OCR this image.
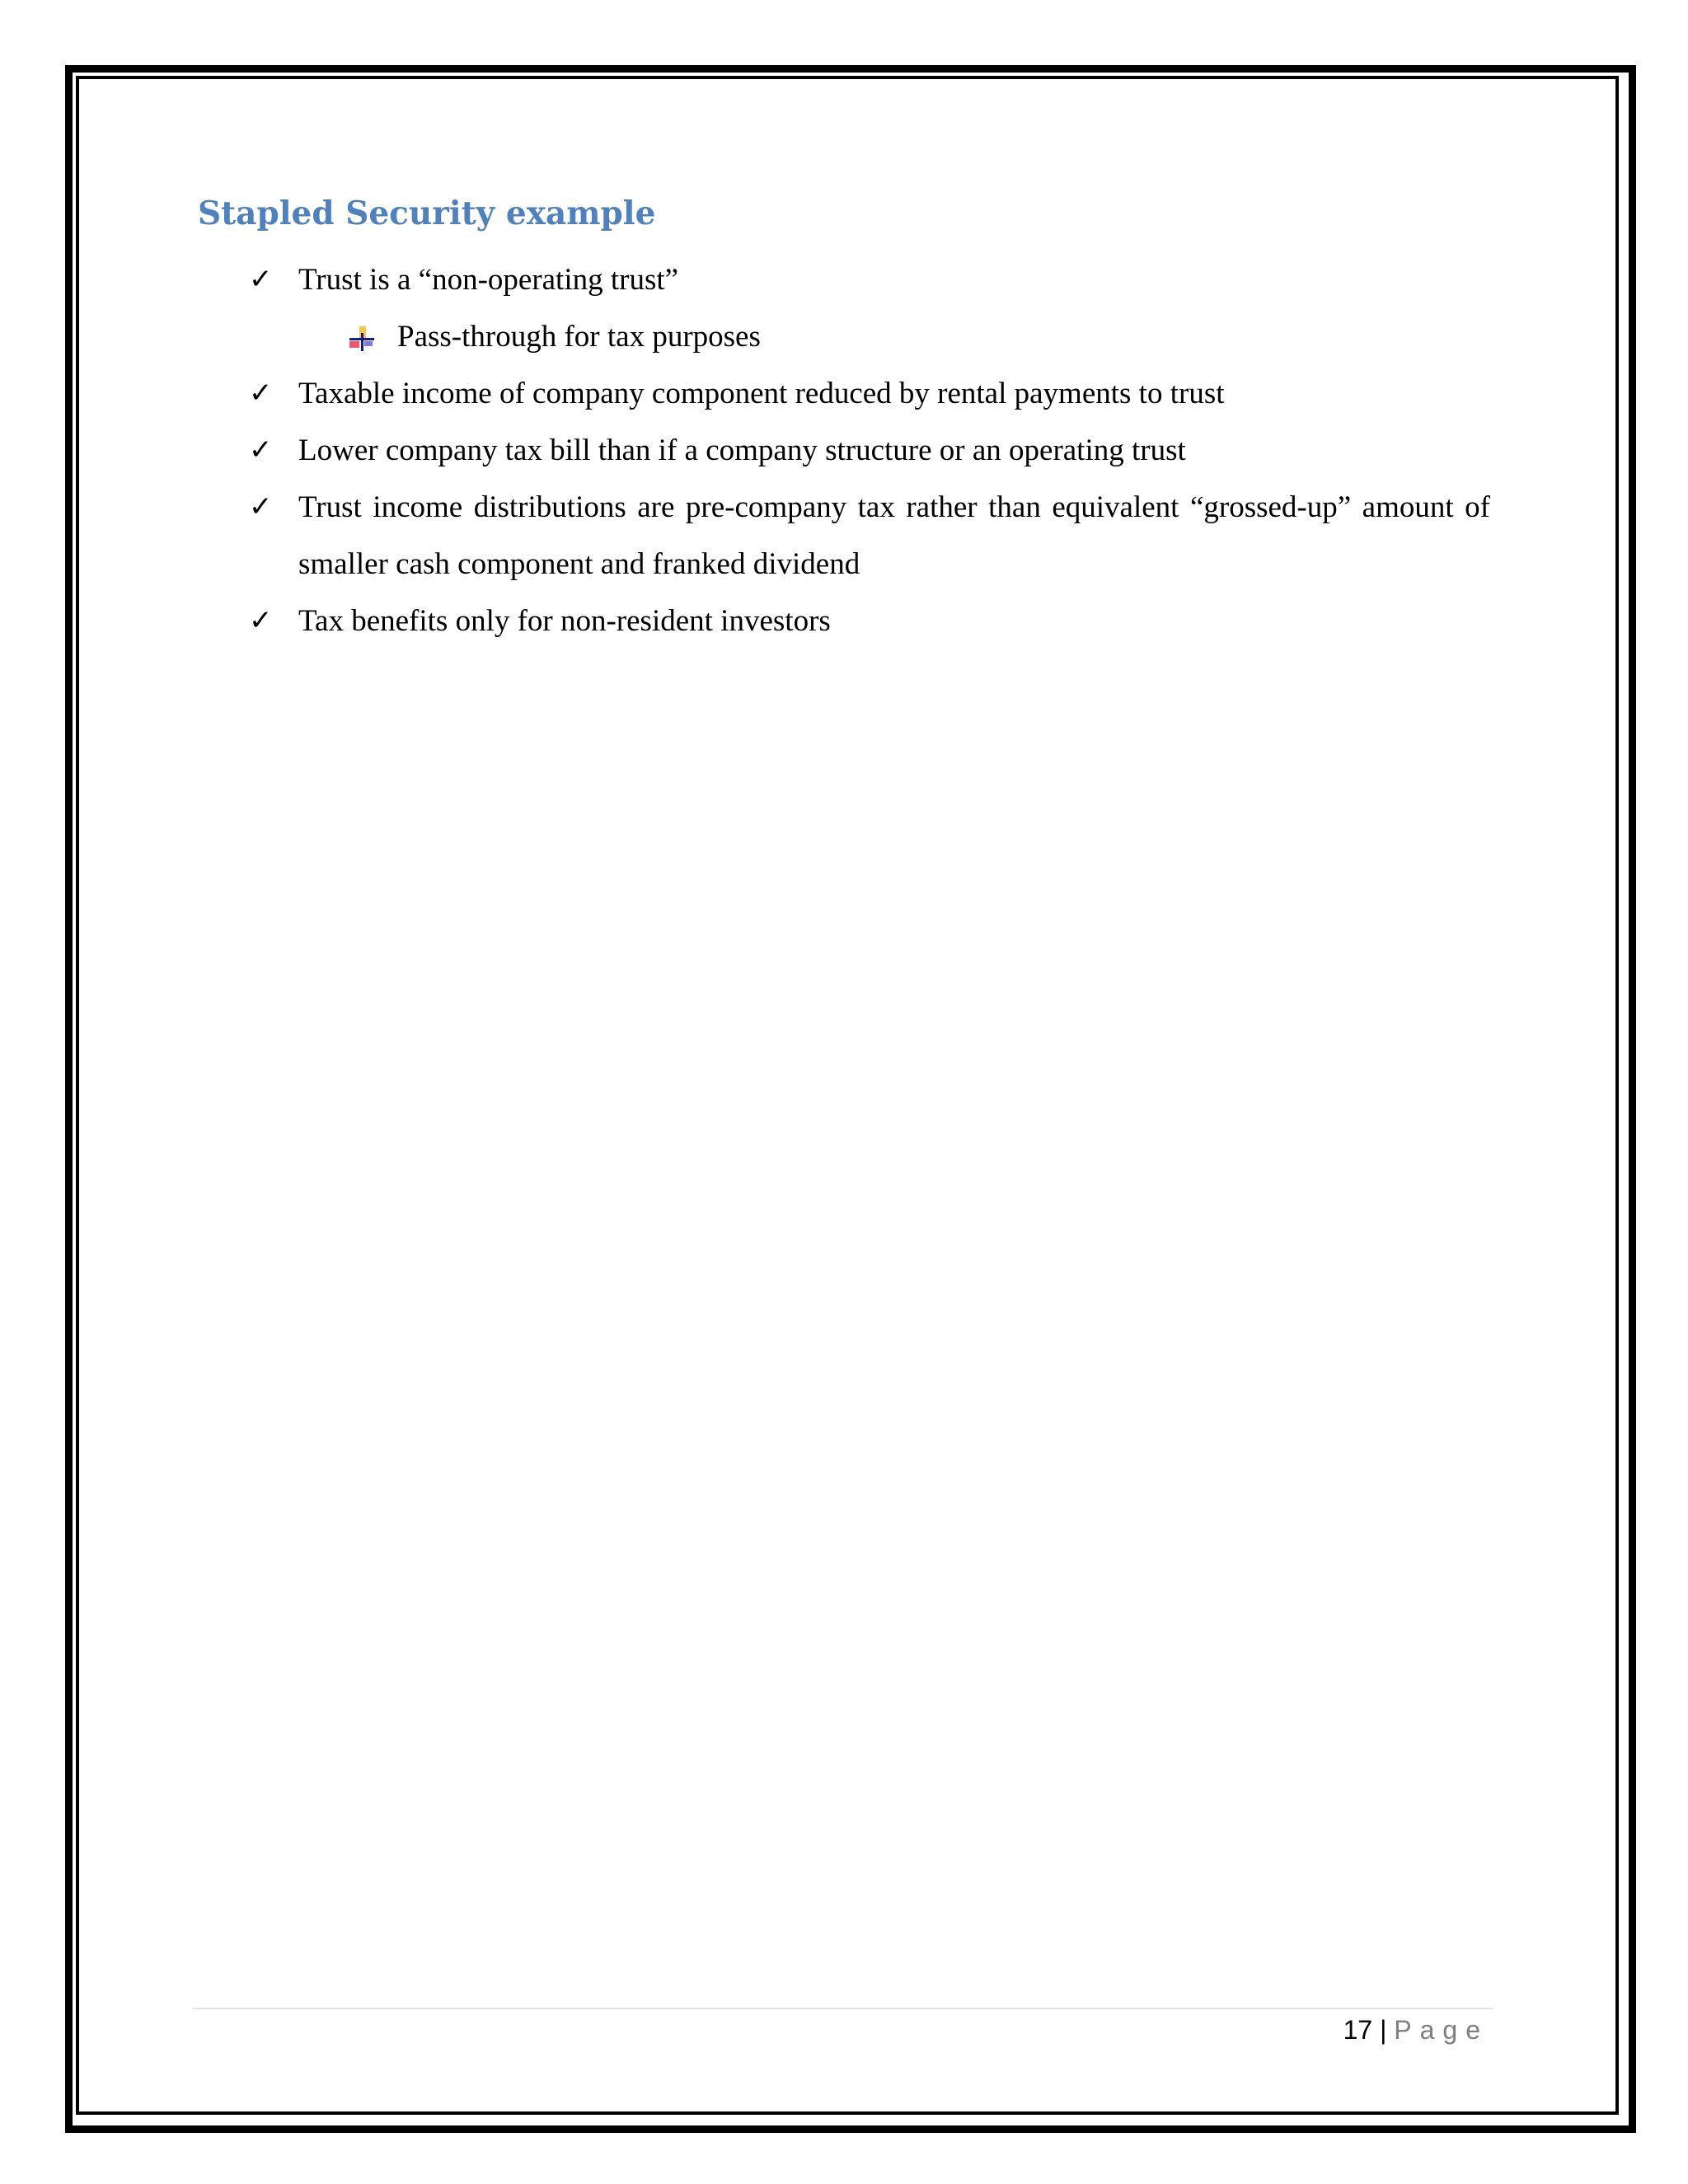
Stapled Security example
✓ Trust is a “non-operating trust”
Pass-through for tax purposes
✓ Taxable income of company component reduced by rental payments to trust
✓ Lower company tax bill than if a company structure or an operating trust
✓ Trust income distributions are pre-company tax rather than equivalent “grossed-up” amount of smaller cash component and franked dividend
✓ Tax benefits only for non-resident investors
17 | Page
